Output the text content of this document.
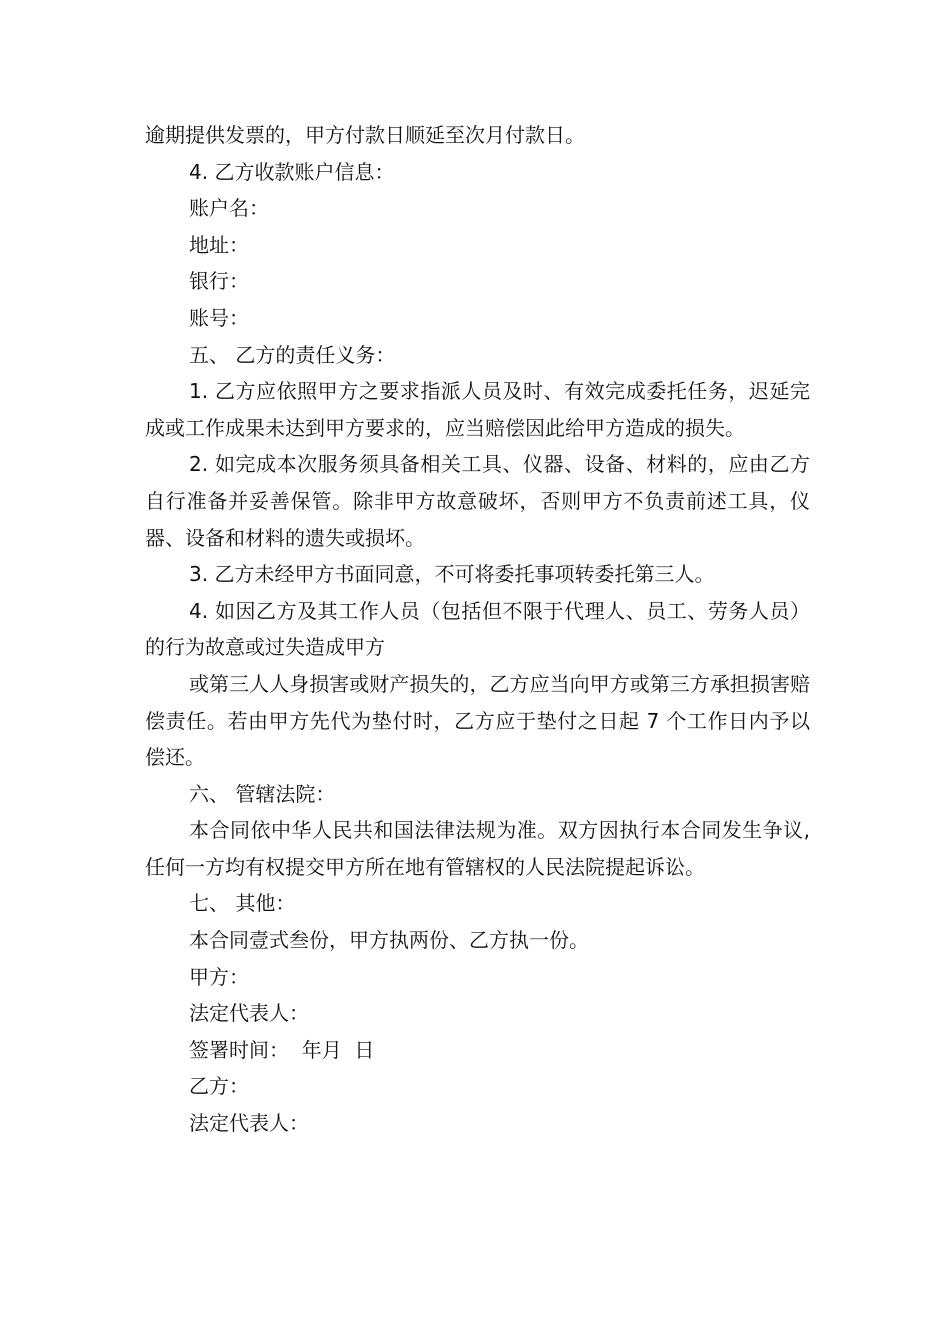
逾期提供发票的，甲方付款日顺延至次月付款日。

4. 乙方收款账户信息：

账户名：

地址：

银行：

账号：

五、 乙方的责任义务：

1. 乙方应依照甲方之要求指派人员及时、有效完成委托任务，迟延完成或工作成果未达到甲方要求的，应当赔偿因此给甲方造成的损失。

2. 如完成本次服务须具备相关工具、仪器、设备、材料的，应由乙方自行准备并妥善保管。除非甲方故意破坏，否则甲方不负责前述工具，仪器、设备和材料的遗失或损坏。

3. 乙方未经甲方书面同意，不可将委托事项转委托第三人。

4. 如因乙方及其工作人员（包括但不限于代理人、员工、劳务人员）的行为故意或过失造成甲方

或第三人人身损害或财产损失的，乙方应当向甲方或第三方承担损害赔偿责任。若由甲方先代为垫付时，乙方应于垫付之日起 7 个工作日内予以偿还。

六、 管辖法院：

本合同依中华人民共和国法律法规为准。双方因执行本合同发生争议, 任何一方均有权提交甲方所在地有管辖权的人民法院提起诉讼。

七、 其他：

本合同壹式叁份，甲方执两份、乙方执一份。

甲方：

法定代表人：

签署时间：  年月  日

乙方：

法定代表人：
